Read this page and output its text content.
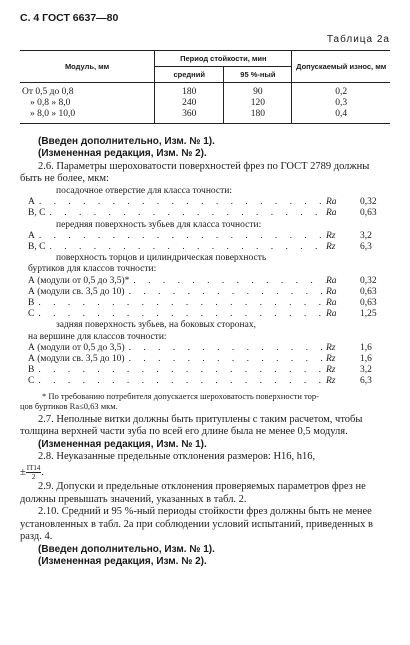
С. 4 ГОСТ 6637—80
Таблица 2а
Модуль, мм	Период стойкости, мин		Допускаемый износ, мм
	средний	95 %-ный	
От 0,5 до 0,8	180	90	0,2
» 0,8 » 8,0	240	120	0,3
» 8,0 » 10,0	360	180	0,4

(Введен дополнительно, Изм. № 1).

(Измененная редакция, Изм. № 2).

2.6. Параметры шероховатости поверхностей фрез по ГОСТ 2789 должны быть не более, мкм:

посадочное отверстие для класса точности:
А . . .	Ra	0,32
В, С . . .	Ra	0,63
передняя поверхность зубьев для класса точности:
А . . .	Rz	3,2
В, С . . .	Rz	6,3
поверхность торцов и цилиндрическая поверхность
буртиков для классов точности:
А (модули от 0,5 до 3,5)* . . .	Ra	0,32
А (модули св. 3,5 до 10) . . .	Ra	0,63
В . . .	Ra	0,63
С . . .	Ra	1,25
задняя поверхность зубьев, на боковых сторонах,
на вершине для классов точности:
А (модули от 0,5 до 3,5) . . .	Rz	1,6
А (модули св. 3,5 до 10) . . .	Rz	1,6
В . . .	Rz	3,2
С . . .	Rz	6,3
* По требованию потребителя допускается шероховатость поверхности тор-
цов буртиков Ra≤0,63 мкм.

2.7. Неполные витки должны быть притуплены с таким расчетом, чтобы толщина верхней части зуба по всей его длине была не менее 0,5 модуля.

(Измененная редакция, Изм. № 1).

2.8. Неуказанные предельные отклонения размеров: H16, h16,

± $\frac{IT14}{2}$ .

2.9. Допуски и предельные отклонения проверяемых параметров фрез не должны превышать значений, указанных в табл. 2.

2.10. Средний и 95 %-ный периоды стойкости фрез должны быть не менее установленных в табл. 2а при соблюдении условий испытаний, приведенных в разд. 4.

(Введен дополнительно, Изм. № 1).

(Измененная редакция, Изм. № 2).
